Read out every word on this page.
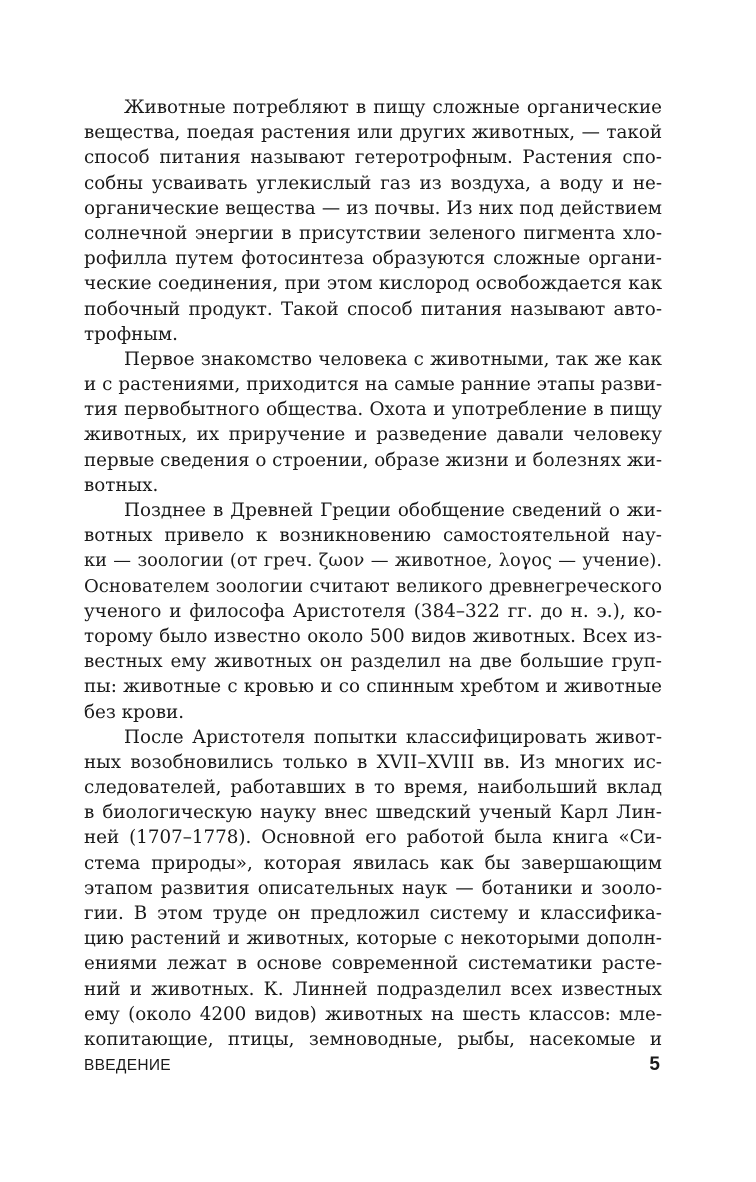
Животные потребляют в пищу сложные органические
вещества, поедая растения или других животных, — такой
способ питания называют гетеротрофным. Растения спо-
собны усваивать углекислый газ из воздуха, а воду и не-
органические вещества — из почвы. Из них под действием
солнечной энергии в присутствии зеленого пигмента хло-
рофилла путем фотосинтеза образуются сложные органи-
ческие соединения, при этом кислород освобождается как
побочный продукт. Такой способ питания называют авто-
трофным.
Первое знакомство человека с животными, так же как
и с растениями, приходится на самые ранние этапы разви-
тия первобытного общества. Охота и употребление в пищу
животных, их приручение и разведение давали человеку
первые сведения о строении, образе жизни и болезнях жи-
вотных.
Позднее в Древней Греции обобщение сведений о жи-
вотных привело к возникновению самостоятельной нау-
ки — зоологии (от греч. ζωον — животное, λογος — учение).
Основателем зоологии считают великого древнегреческого
ученого и философа Аристотеля (384–322 гг. до н. э.), ко-
торому было известно около 500 видов животных. Всех из-
вестных ему животных он разделил на две большие груп-
пы: животные с кровью и со спинным хребтом и животные
без крови.
После Аристотеля попытки классифицировать живот-
ных возобновились только в XVII–XVIII вв. Из многих ис-
следователей, работавших в то время, наибольший вклад
в биологическую науку внес шведский ученый Карл Лин-
ней (1707–1778). Основной его работой была книга «Си-
стема природы», которая явилась как бы завершающим
этапом развития описательных наук — ботаники и зооло-
гии. В этом труде он предложил систему и классифика-
цию растений и животных, которые с некоторыми дополн-
ениями лежат в основе современной систематики расте-
ний и животных. К. Линней подразделил всех известных
ему (около 4200 видов) животных на шесть классов: мле-
копитающие, птицы, земноводные, рыбы, насекомые и
ВВЕДЕНИЕ	5
